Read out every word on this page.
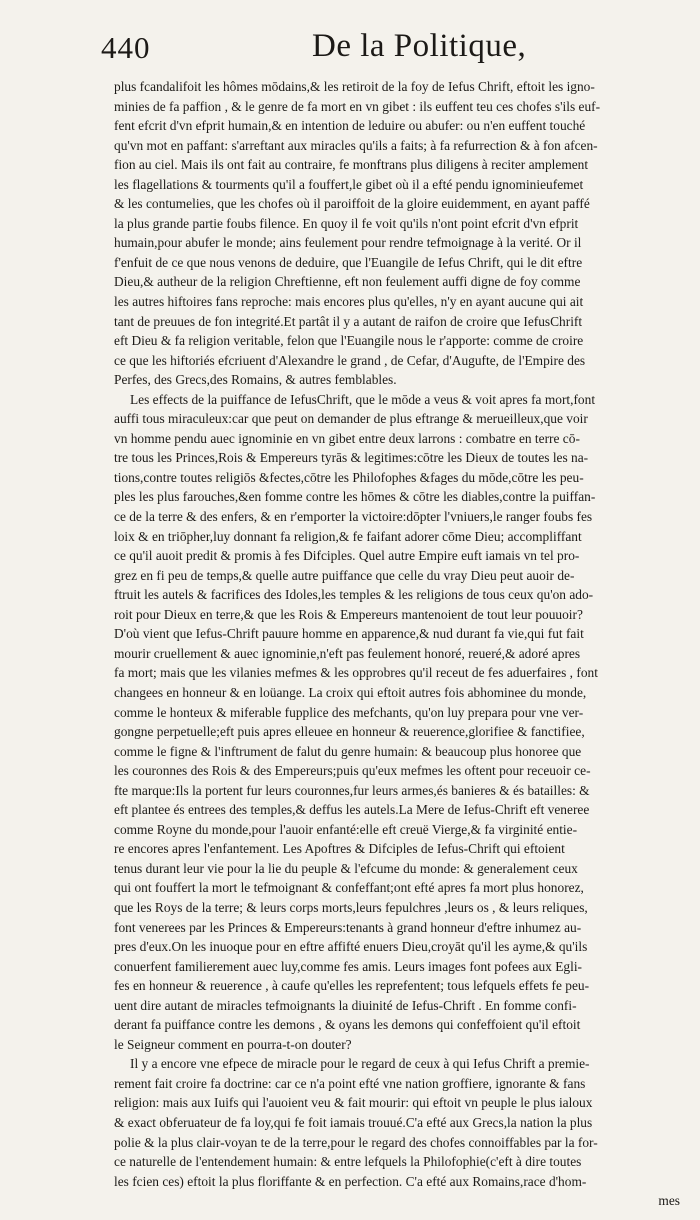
440	De la Politique,
plus fcandalifoit les hômes mōdains,& les retiroit de la foy de Iefus Chrift, eftoit les igno-
minies de fa paffion , & le genre de fa mort en vn gibet : ils euffent teu ces chofes s'ils euf-
fent efcrit d'vn efprit humain,& en intention de leduire ou abufer: ou n'en euffent touché
qu'vn mot en paffant: s'arreftant aux miracles qu'ils a faits; à fa refurrection & à fon afcen-
fion au ciel. Mais ils ont fait au contraire, fe monftrans plus diligens à reciter amplement
les flagellations & tourments qu'il a fouffert,le gibet où il a efté pendu ignominieufemet
& les contumelies, que les chofes où il paroiffoit de la gloire euidemment, en ayant paffé
la plus grande partie foubs filence. En quoy il fe voit qu'ils n'ont point efcrit d'vn efprit
humain,pour abufer le monde; ains feulement pour rendre tefmoignage à la verité. Or il
f'enfuit de ce que nous venons de deduire, que l'Euangile de Iefus Chrift, qui le dit eftre
Dieu,& autheur de la religion Chreftienne, eft non feulement auffi digne de foy comme
les autres hiftoires fans reproche: mais encores plus qu'elles, n'y en ayant aucune qui ait
tant de preuues de fon integrité.Et partât il y a autant de raifon de croire que IefusChrift
eft Dieu & fa religion veritable, felon que l'Euangile nous le r'apporte: comme de croire
ce que les hiftoriés efcriuent d'Alexandre le grand , de Cefar, d'Augufte, de l'Empire des
Perfes, des Grecs,des Romains, & autres femblables.
Les effects de la puiffance de IefusChrift, que le mōde a veus & voit apres fa mort,font
auffi tous miraculeux:car que peut on demander de plus eftrange & merueilleux,que voir
vn homme pendu auec ignominie en vn gibet entre deux larrons : combatre en terre cō-
tre tous les Princes,Rois & Empereurs tyrās & legitimes:cōtre les Dieux de toutes les na-
tions,contre toutes religiōs &fectes,cōtre les Philofophes &fages du mōde,cōtre les peu-
ples les plus farouches,&en fomme contre les hōmes & cōtre les diables,contre la puiffan-
ce de la terre & des enfers, & en r'emporter la victoire:dōpter l'vniuers,le ranger foubs fes
loix & en triōpher,luy donnant fa religion,& fe faifant adorer cōme Dieu; accompliffant
ce qu'il auoit predit & promis à fes Difciples. Quel autre Empire euft iamais vn tel pro-
grez en fi peu de temps,& quelle autre puiffance que celle du vray Dieu peut auoir de-
ftruit les autels & facrifices des Idoles,les temples & les religions de tous ceux qu'on ado-
roit pour Dieux en terre,& que les Rois & Empereurs mantenoient de tout leur pouuoir?
D'où vient que Iefus-Chrift pauure homme en apparence,& nud durant fa vie,qui fut fait
mourir cruellement & auec ignominie,n'eft pas feulement honoré, reueré,& adoré apres
fa mort; mais que les vilanies mefmes & les opprobres qu'il receut de fes aduerfaires , font
changees en honneur & en loüange. La croix qui eftoit autres fois abhominee du monde,
comme le honteux & miferable fupplice des mefchants, qu'on luy prepara pour vne ver-
gongne perpetuelle;eft puis apres elleuee en honneur & reuerence,glorifiee & fanctifiee,
comme le figne & l'inftrument de falut du genre humain: & beaucoup plus honoree que
les couronnes des Rois & des Empereurs;puis qu'eux mefmes les oftent pour receuoir ce-
fte marque:Ils la portent fur leurs couronnes,fur leurs armes,és banieres & és batailles: &
eft plantee és entrees des temples,& deffus les autels.La Mere de Iefus-Chrift eft veneree
comme Royne du monde,pour l'auoir enfanté:elle eft creuë Vierge,& fa virginité entie-
re encores apres l'enfantement. Les Apoftres & Difciples de Iefus-Chrift qui eftoient
tenus durant leur vie pour la lie du peuple & l'efcume du monde: & generalement ceux
qui ont fouffert la mort le tefmoignant & confeffant;ont efté apres fa mort plus honorez,
que les Roys de la terre; & leurs corps morts,leurs fepulchres ,leurs os , & leurs reliques,
font venerees par les Princes & Empereurs:tenants à grand honneur d'eftre inhumez au-
pres d'eux.On les inuoque pour en eftre affifté enuers Dieu,croyāt qu'il les ayme,& qu'ils
conuerfent familierement auec luy,comme fes amis. Leurs images font pofees aux Egli-
fes en honneur & reuerence , à caufe qu'elles les reprefentent; tous lefquels effets fe peu-
uent dire autant de miracles tefmoignants la diuinité de Iefus-Chrift . En fomme confi-
derant fa puiffance contre les demons , & oyans les demons qui confeffoient qu'il eftoit
le Seigneur comment en pourra-t-on douter?
Il y a encore vne efpece de miracle pour le regard de ceux à qui Iefus Chrift a premie-
rement fait croire fa doctrine: car ce n'a point efté vne nation groffiere, ignorante & fans
religion: mais aux Iuifs qui l'auoient veu & fait mourir: qui eftoit vn peuple le plus ialoux
& exact obferuateur de fa loy,qui fe foit iamais trouué.C'a efté aux Grecs,la nation la plus
polie & la plus clair-voyan te de la terre,pour le regard des chofes connoiffables par la for-
ce naturelle de l'entendement humain: & entre lefquels la Philofophie(c'eft à dire toutes
les fcien ces) eftoit la plus floriffante & en perfection. C'a efté aux Romains,race d'hom-
mes
